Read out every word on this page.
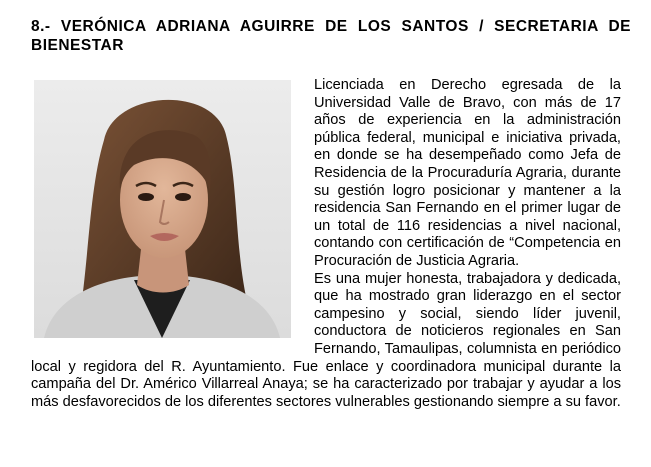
8.- VERÓNICA ADRIANA AGUIRRE DE LOS SANTOS / SECRETARIA DE BIENESTAR

Licenciada en Derecho egresada de la Universidad Valle de Bravo, con más de 17 años de experiencia en la administración pública federal, municipal e iniciativa privada, en donde se ha desempeñado como Jefa de Residencia de la Procuraduría Agraria, durante su gestión logro posicionar y mantener a la residencia San Fernando en el primer lugar de un total de 116 residencias a nivel nacional, contando con certificación de “Competencia en Procuración de Justicia Agraria.

Es una mujer honesta, trabajadora y dedicada, que ha mostrado gran liderazgo en el sector campesino y social, siendo líder juvenil, conductora de noticieros regionales en San Fernando, Tamaulipas, columnista en periódico local y regidora del R. Ayuntamiento. Fue enlace y coordinadora municipal durante la campaña del Dr. Américo Villarreal Anaya; se ha caracterizado por trabajar y ayudar a los más desfavorecidos de los diferentes sectores vulnerables gestionando siempre a su favor.
